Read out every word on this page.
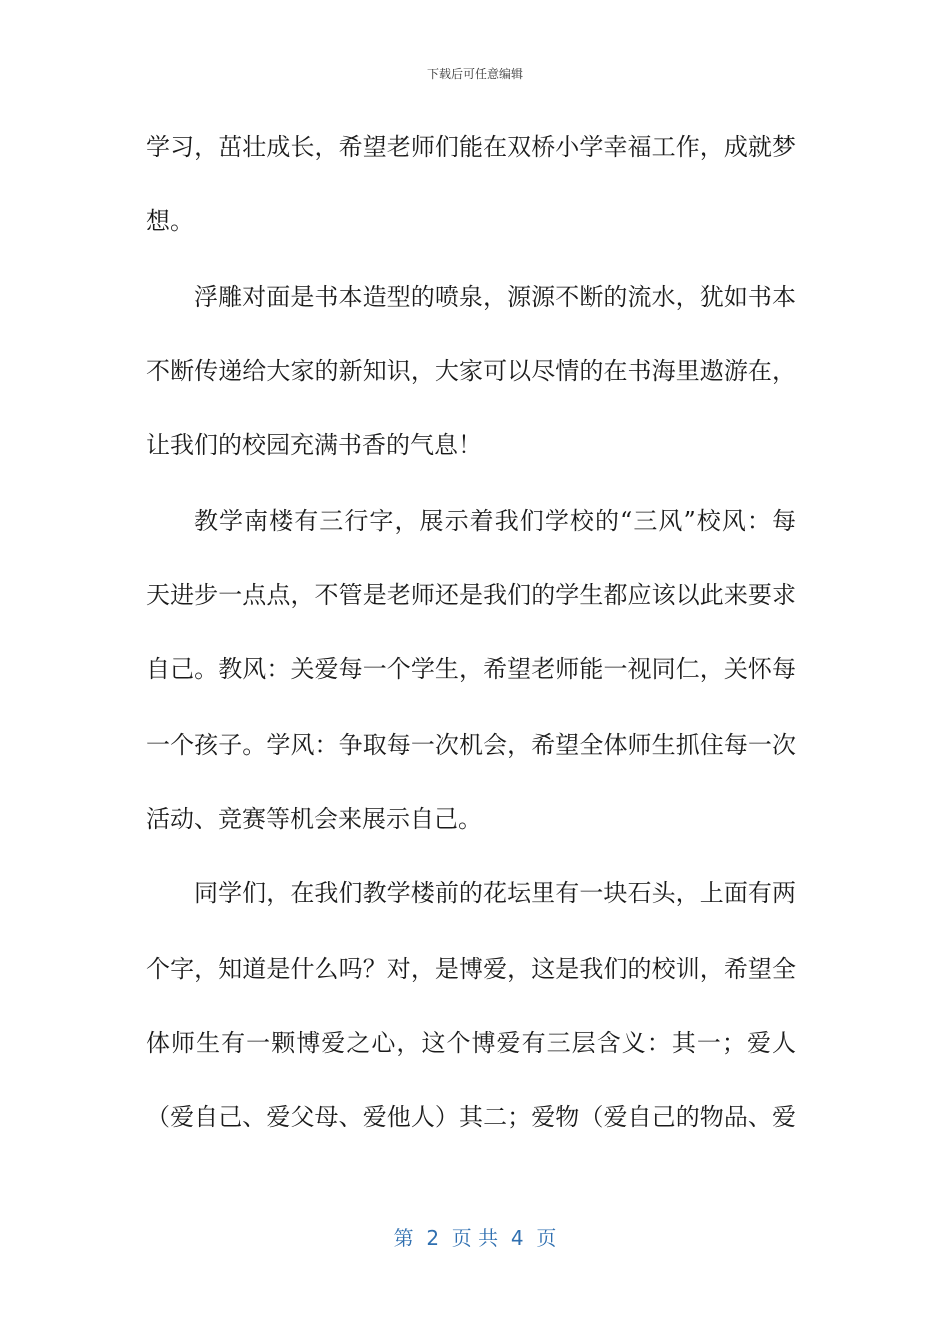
下载后可任意编辑
学习，茁壮成长，希望老师们能在双桥小学幸福工作，成就梦
想。
浮雕对面是书本造型的喷泉，源源不断的流水，犹如书本
不断传递给大家的新知识，大家可以尽情的在书海里遨游在，
让我们的校园充满书香的气息！
教学南楼有三行字，展示着我们学校的“三风”校风：每
天进步一点点，不管是老师还是我们的学生都应该以此来要求
自己。教风：关爱每一个学生，希望老师能一视同仁，关怀每
一个孩子。学风：争取每一次机会，希望全体师生抓住每一次
活动、竞赛等机会来展示自己。
同学们，在我们教学楼前的花坛里有一块石头，上面有两
个字，知道是什么吗？对，是博爱，这是我们的校训，希望全
体师生有一颗博爱之心，这个博爱有三层含义：其一；爱人
（爱自己、爱父母、爱他人）其二；爱物（爱自己的物品、爱
第  2  页 共  4  页
